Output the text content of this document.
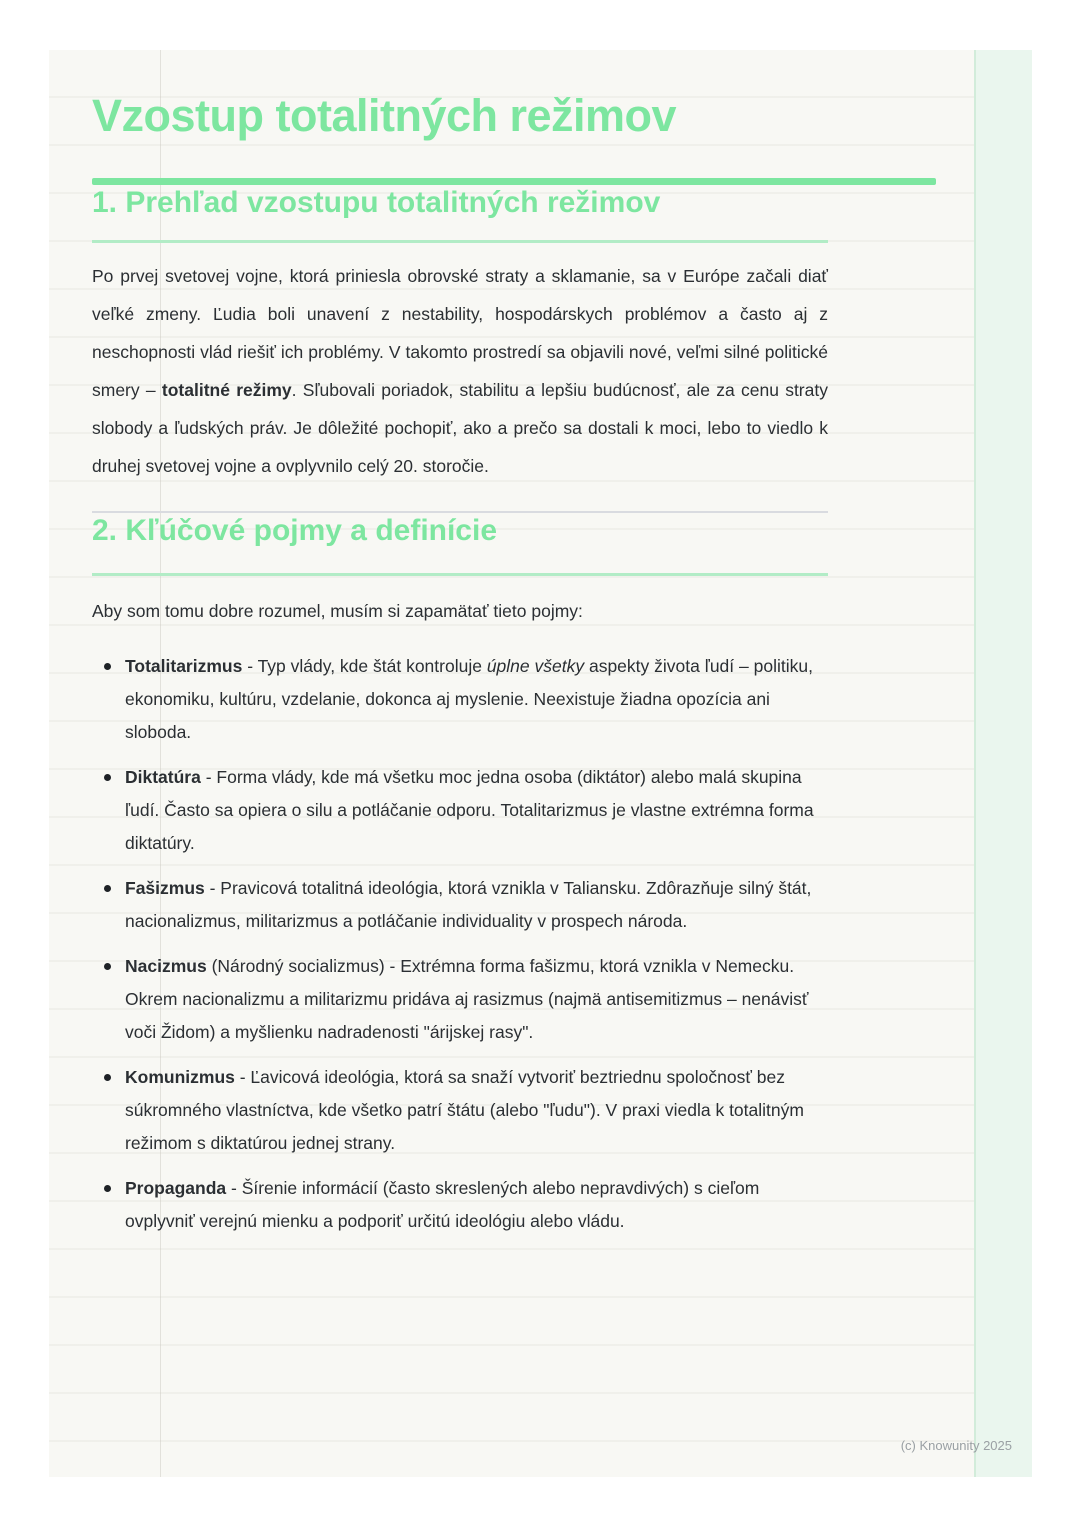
Vzostup totalitných režimov
1. Prehľad vzostupu totalitných režimov

Po prvej svetovej vojne, ktorá priniesla obrovské straty a sklamanie, sa v Európe začali diať veľké zmeny. Ľudia boli unavení z nestability, hospodárskych problémov a často aj z neschopnosti vlád riešiť ich problémy. V takomto prostredí sa objavili nové, veľmi silné politické smery – totalitné režimy. Sľubovali poriadok, stabilitu a lepšiu budúcnosť, ale za cenu straty slobody a ľudských práv. Je dôležité pochopiť, ako a prečo sa dostali k moci, lebo to viedlo k druhej svetovej vojne a ovplyvnilo celý 20. storočie.

2. Kľúčové pojmy a definície

Aby som tomu dobre rozumel, musím si zapamätať tieto pojmy:

Totalitarizmus - Typ vlády, kde štát kontroluje úplne všetky aspekty života ľudí – politiku, ekonomiku, kultúru, vzdelanie, dokonca aj myslenie. Neexistuje žiadna opozícia ani sloboda.
Diktatúra - Forma vlády, kde má všetku moc jedna osoba (diktátor) alebo malá skupina ľudí. Často sa opiera o silu a potláčanie odporu. Totalitarizmus je vlastne extrémna forma diktatúry.
Fašizmus - Pravicová totalitná ideológia, ktorá vznikla v Taliansku. Zdôrazňuje silný štát, nacionalizmus, militarizmus a potláčanie individuality v prospech národa.
Nacizmus (Národný socializmus) - Extrémna forma fašizmu, ktorá vznikla v Nemecku. Okrem nacionalizmu a militarizmu pridáva aj rasizmus (najmä antisemitizmus – nenávisť voči Židom) a myšlienku nadradenosti "árijskej rasy".
Komunizmus - Ľavicová ideológia, ktorá sa snaží vytvoriť beztriednu spoločnosť bez súkromného vlastníctva, kde všetko patrí štátu (alebo "ľudu"). V praxi viedla k totalitným režimom s diktatúrou jednej strany.
Propaganda - Šírenie informácií (často skreslených alebo nepravdivých) s cieľom ovplyvniť verejnú mienku a podporiť určitú ideológiu alebo vládu.
(c) Knowunity 2025
